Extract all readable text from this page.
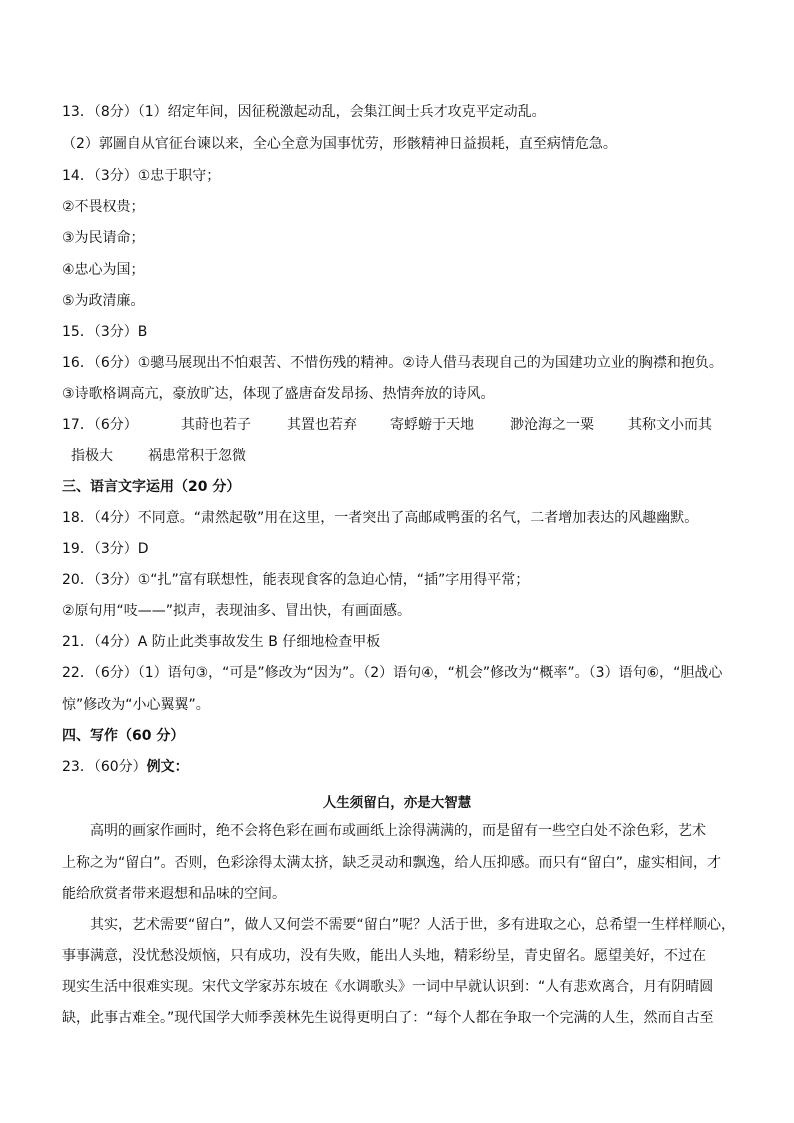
13．（8分）（1）绍定年间，因征税激起动乱，会集江闽士兵才攻克平定动乱。
（2）郭圖自从官征台谏以来，全心全意为国事忧劳，形骸精神日益损耗，直至病情危急。
14．（3分）①忠于职守；
②不畏权贵；
③为民请命；
④忠心为国；
⑤为政清廉。
15．（3分）B
16．（6分）①骢马展现出不怕艰苦、不惜伤残的精神。②诗人借马表现自己的为国建功立业的胸襟和抱负。
③诗歌格调高亢，豪放旷达，体现了盛唐奋发昂扬、热情奔放的诗风。
17．（6分）	其莳也若子	其置也若弃 寄蜉蝣于天地	渺沧海之一粟 其称文小而其
指极大	祸患常积于忽微
三、语言文字运用（20 分）
18．（4分）不同意。“肃然起敬”用在这里，一者突出了高邮咸鸭蛋的名气，二者增加表达的风趣幽默。
19．（3分）D
20．（3分）①“扎”富有联想性，能表现食客的急迫心情，“插”字用得平常；
②原句用“吱——”拟声，表现油多、冒出快，有画面感。
21．（4分）A 防止此类事故发生 B 仔细地检查甲板
22．（6分）（1）语句③，“可是”修改为“因为”。（2）语句④，“机会”修改为“概率”。（3）语句⑥，“胆战心
惊”修改为“小心翼翼”。
四、写作（60 分）
23．（60分）例文：
人生须留白，亦是大智慧
高明的画家作画时，绝不会将色彩在画布或画纸上涂得满满的，而是留有一些空白处不涂色彩，艺术
上称之为“留白”。否则，色彩涂得太满太挤，缺乏灵动和飘逸，给人压抑感。而只有“留白”，虚实相间，才
能给欣赏者带来遐想和品味的空间。
其实，艺术需要“留白”，做人又何尝不需要“留白”呢？人活于世，多有进取之心，总希望一生样样顺心，
事事满意，没忧愁没烦恼，只有成功，没有失败，能出人头地，精彩纷呈，青史留名。愿望美好，不过在
现实生活中很难实现。宋代文学家苏东坡在《水调歌头》一词中早就认识到：“人有悲欢离合，月有阴晴圆
缺，此事古难全。”现代国学大师季羡林先生说得更明白了：“每个人都在争取一个完满的人生，然而自古至
